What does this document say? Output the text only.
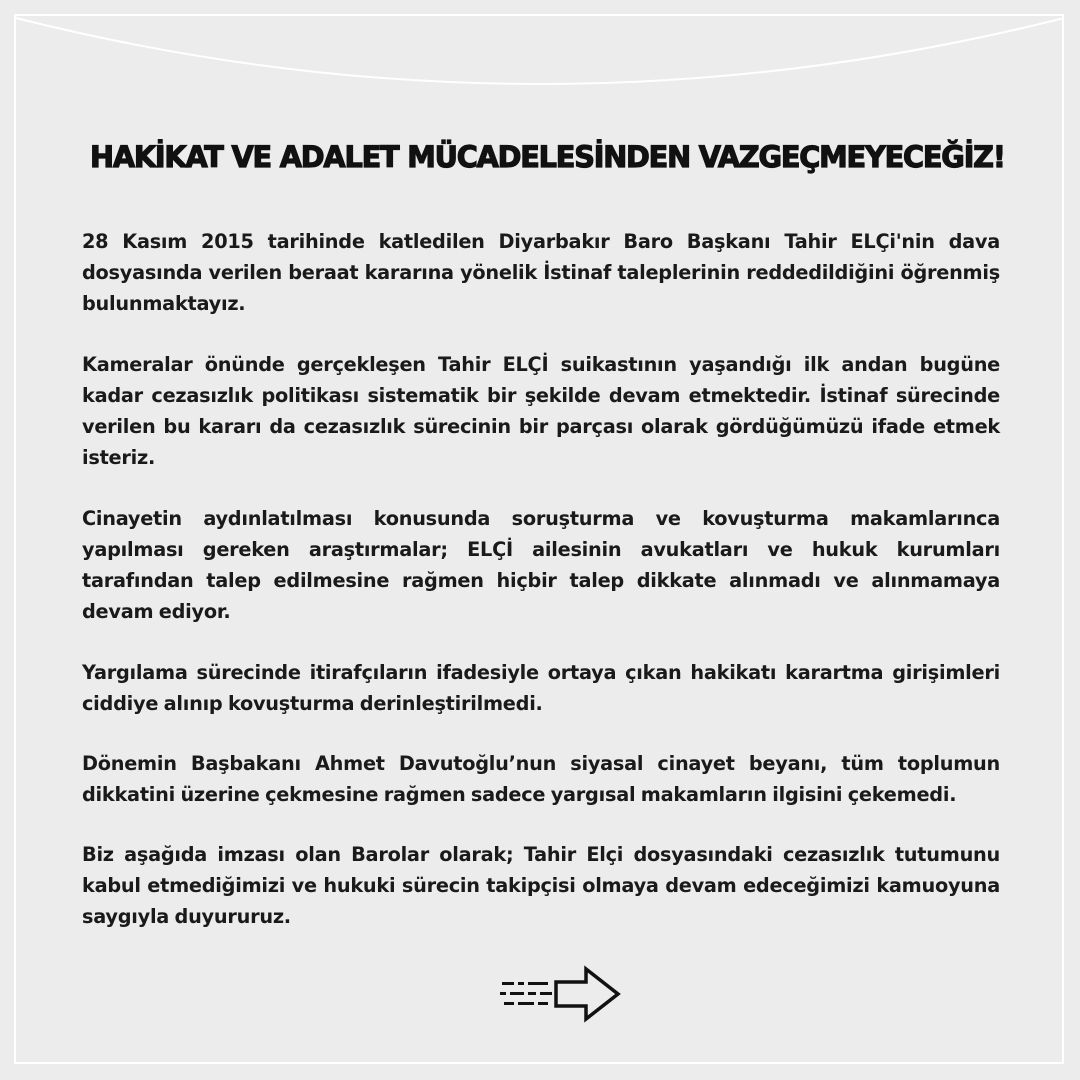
HAKİKAT VE ADALET MÜCADELESİNDEN VAZGEÇMEYECEĞİZ!

28 Kasım 2015 tarihinde katledilen Diyarbakır Baro Başkanı Tahir ELÇi'nin dava dosyasında verilen beraat kararına yönelik İstinaf taleplerinin reddedildiğini öğrenmiş bulunmaktayız.

Kameralar önünde gerçekleşen Tahir ELÇİ suikastının yaşandığı ilk andan bugüne kadar cezasızlık politikası sistematik bir şekilde devam etmektedir. İstinaf sürecinde verilen bu kararı da cezasızlık sürecinin bir parçası olarak gördüğümüzü ifade etmek isteriz.

Cinayetin aydınlatılması konusunda soruşturma ve kovuşturma makamlarınca yapılması gereken araştırmalar; ELÇİ ailesinin avukatları ve hukuk kurumları tarafından talep edilmesine rağmen hiçbir talep dikkate alınmadı ve alınmamaya devam ediyor.

Yargılama sürecinde itirafçıların ifadesiyle ortaya çıkan hakikatı karartma girişimleri ciddiye alınıp kovuşturma derinleştirilmedi.

Dönemin Başbakanı Ahmet Davutoğlu’nun siyasal cinayet beyanı, tüm toplumun dikkatini üzerine çekmesine rağmen sadece yargısal makamların ilgisini çekemedi.

Biz aşağıda imzası olan Barolar olarak; Tahir Elçi dosyasındaki cezasızlık tutumunu kabul etmediğimizi ve hukuki sürecin takipçisi olmaya devam edeceğimizi kamuoyuna saygıyla duyururuz.
